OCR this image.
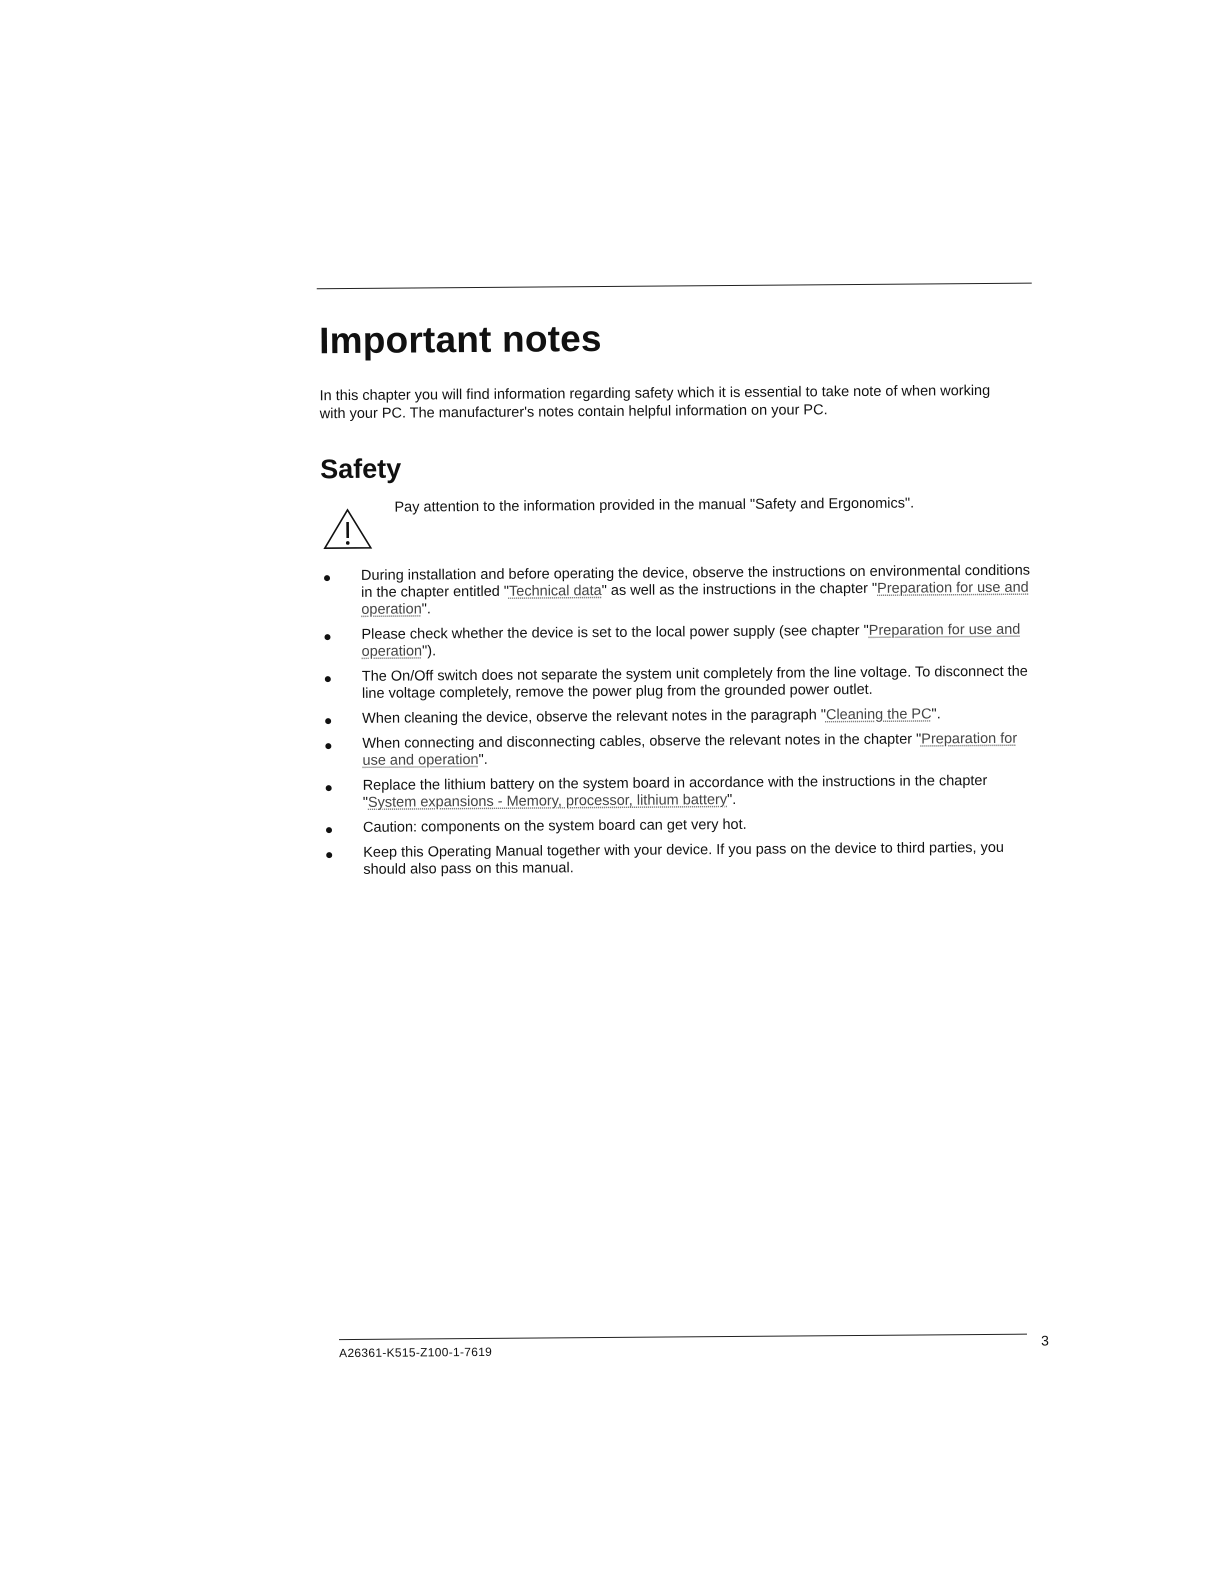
Important notes

In this chapter you will find information regarding safety which it is essential to take note of when working with your PC. The manufacturer's notes contain helpful information on your PC.

Safety

Pay attention to the information provided in the manual "Safety and Ergonomics".

During installation and before operating the device, observe the instructions on environmental conditions in the chapter entitled "Technical data" as well as the instructions in the chapter "Preparation for use and operation".
Please check whether the device is set to the local power supply (see chapter "Preparation for use and operation").
The On/Off switch does not separate the system unit completely from the line voltage. To disconnect the line voltage completely, remove the power plug from the grounded power outlet.
When cleaning the device, observe the relevant notes in the paragraph "Cleaning the PC".
When connecting and disconnecting cables, observe the relevant notes in the chapter "Preparation for use and operation".
Replace the lithium battery on the system board in accordance with the instructions in the chapter "System expansions - Memory, processor, lithium battery".
Caution: components on the system board can get very hot.
Keep this Operating Manual together with your device. If you pass on the device to third parties, you should also pass on this manual.
A26361-K515-Z100-1-7619
3
